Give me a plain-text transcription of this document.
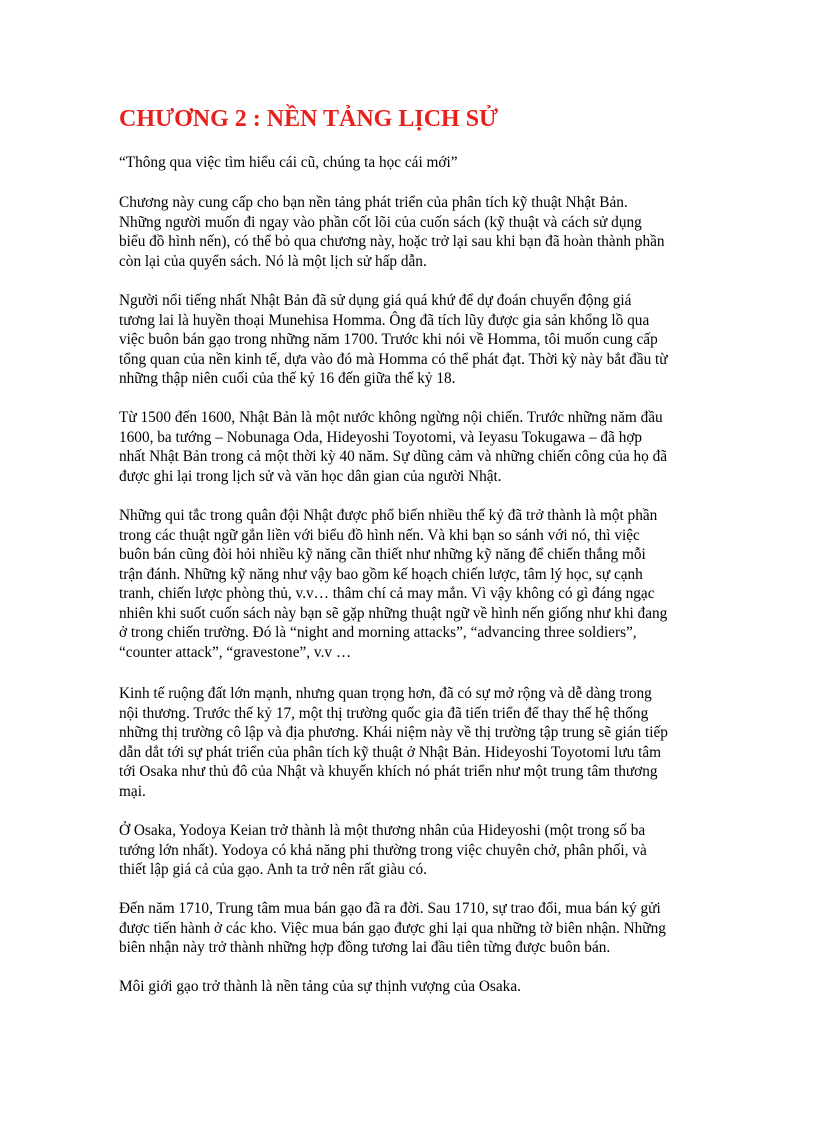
CHƯƠNG 2 : NỀN TẢNG LỊCH SỬ

“Thông qua việc tìm hiểu cái cũ, chúng ta học cái mới”

Chương này cung cấp cho bạn nền tảng phát triển của phân tích kỹ thuật Nhật Bản.
Những người muốn đi ngay vào phần cốt lõi của cuốn sách (kỹ thuật và cách sử dụng
biểu đồ hình nến), có thể bỏ qua chương này, hoặc trở lại sau khi bạn đã hoàn thành phần
còn lại của quyển sách. Nó là một lịch sử hấp dẫn.
Người nổi tiếng nhất Nhật Bản đã sử dụng giá quá khứ để dự đoán chuyển động giá
tương lai là huyền thoại Munehisa Homma. Ông đã tích lũy được gia sản khổng lồ qua
việc buôn bán gạo trong những năm 1700. Trước khi nói về Homma, tôi muốn cung cấp
tổng quan của nền kinh tế, dựa vào đó mà Homma có thể phát đạt. Thời kỳ này bắt đầu từ
những thập niên cuối của thế kỷ 16 đến giữa thế kỷ 18.
Từ 1500 đến 1600, Nhật Bản là một nước không ngừng nội chiến. Trước những năm đầu
1600, ba tướng – Nobunaga Oda, Hideyoshi Toyotomi, và Ieyasu Tokugawa – đã hợp
nhất Nhật Bản trong cả một thời kỳ 40 năm. Sự dũng cảm và những chiến công của họ đã
được ghi lại trong lịch sử và văn học dân gian của người Nhật.
Những qui tắc trong quân đội Nhật được phổ biến nhiều thế kỷ đã trở thành là một phần
trong các thuật ngữ gắn liền với biểu đồ hình nến. Và khi bạn so sánh với nó, thì việc
buôn bán cũng đòi hỏi nhiều kỹ năng cần thiết như những kỹ năng để chiến thắng mỗi
trận đánh. Những kỹ năng như vậy bao gồm kế hoạch chiến lược, tâm lý học, sự cạnh
tranh, chiến lược phòng thủ, v.v… thâm chí cả may mắn. Vì vậy không có gì đáng ngạc
nhiên khi suốt cuốn sách này bạn sẽ gặp những thuật ngữ về hình nến giống như khi đang
ở trong chiến trường. Đó là “night and morning attacks”, “advancing three soldiers”,
“counter attack”, “gravestone”, v.v …
Kinh tế ruộng đất lớn mạnh, nhưng quan trọng hơn, đã có sự mở rộng và dễ dàng trong
nội thương. Trước thế kỷ 17, một thị trường quốc gia đã tiến triển để thay thế hệ thống
những thị trường cô lập và địa phương. Khái niệm này về thị trường tập trung sẽ gián tiếp
dẫn dắt tới sự phát triển của phân tích kỹ thuật ở Nhật Bản. Hideyoshi Toyotomi lưu tâm
tới Osaka như thủ đô của Nhật và khuyến khích nó phát triển như một trung tâm thương
mại.
Ở Osaka, Yodoya Keian trở thành là một thương nhân của Hideyoshi (một trong số ba
tướng lớn nhất). Yodoya có khả năng phi thường trong việc chuyên chở, phân phối, và
thiết lập giá cả của gạo. Anh ta trở nên rất giàu có.
Đến năm 1710, Trung tâm mua bán gạo đã ra đời. Sau 1710, sự trao đổi, mua bán ký gửi
được tiến hành ở các kho. Việc mua bán gạo được ghi lại qua những tờ biên nhận. Những
biên nhận này trở thành những hợp đồng tương lai đầu tiên từng được buôn bán.
Môi giới gạo trở thành là nền tảng của sự thịnh vượng của Osaka.
